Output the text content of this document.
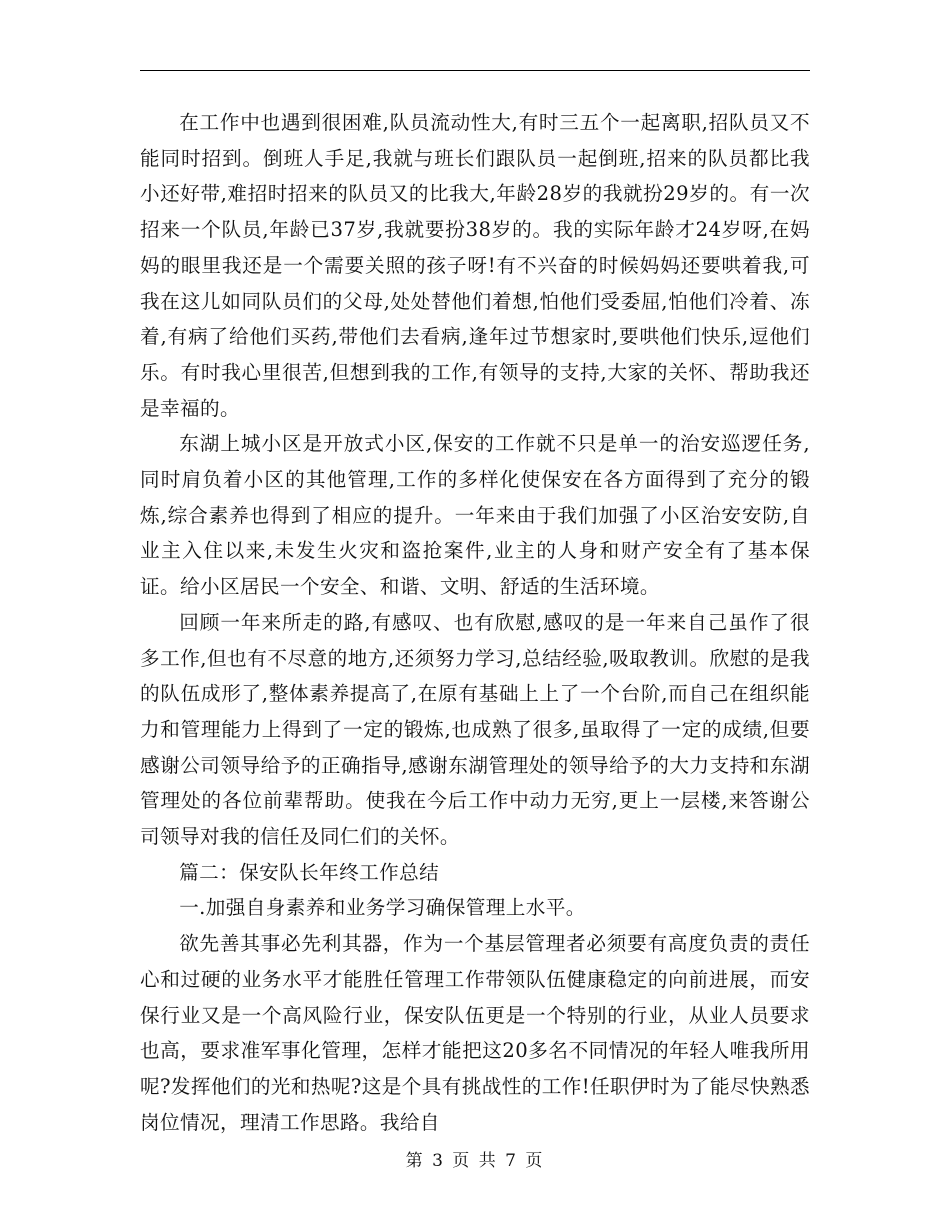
在工作中也遇到很困难,队员流动性大,有时三五个一起离职,招队员又不能同时招到。倒班人手足,我就与班长们跟队员一起倒班,招来的队员都比我小还好带,难招时招来的队员又的比我大,年龄28岁的我就扮29岁的。有一次招来一个队员,年龄已37岁,我就要扮38岁的。我的实际年龄才24岁呀,在妈妈的眼里我还是一个需要关照的孩子呀!有不兴奋的时候妈妈还要哄着我,可我在这儿如同队员们的父母,处处替他们着想,怕他们受委屈,怕他们冷着、冻着,有病了给他们买药,带他们去看病,逢年过节想家时,要哄他们快乐,逗他们乐。有时我心里很苦,但想到我的工作,有领导的支持,大家的关怀、帮助我还是幸福的。

东湖上城小区是开放式小区,保安的工作就不只是单一的治安巡逻任务,同时肩负着小区的其他管理,工作的多样化使保安在各方面得到了充分的锻炼,综合素养也得到了相应的提升。一年来由于我们加强了小区治安安防,自业主入住以来,未发生火灾和盗抢案件,业主的人身和财产安全有了基本保证。给小区居民一个安全、和谐、文明、舒适的生活环境。

回顾一年来所走的路,有感叹、也有欣慰,感叹的是一年来自己虽作了很多工作,但也有不尽意的地方,还须努力学习,总结经验,吸取教训。欣慰的是我的队伍成形了,整体素养提高了,在原有基础上上了一个台阶,而自己在组织能力和管理能力上得到了一定的锻炼,也成熟了很多,虽取得了一定的成绩,但要感谢公司领导给予的正确指导,感谢东湖管理处的领导给予的大力支持和东湖管理处的各位前辈帮助。使我在今后工作中动力无穷,更上一层楼,来答谢公司领导对我的信任及同仁们的关怀。

篇二：保安队长年终工作总结

一.加强自身素养和业务学习确保管理上水平。

欲先善其事必先利其器，作为一个基层管理者必须要有高度负责的责任心和过硬的业务水平才能胜任管理工作带领队伍健康稳定的向前进展，而安保行业又是一个高风险行业，保安队伍更是一个特别的行业，从业人员要求也高，要求准军事化管理，怎样才能把这20多名不同情况的年轻人唯我所用呢?发挥他们的光和热呢?这是个具有挑战性的工作!任职伊时为了能尽快熟悉岗位情况，理清工作思路。我给自

第 3 页 共 7 页
